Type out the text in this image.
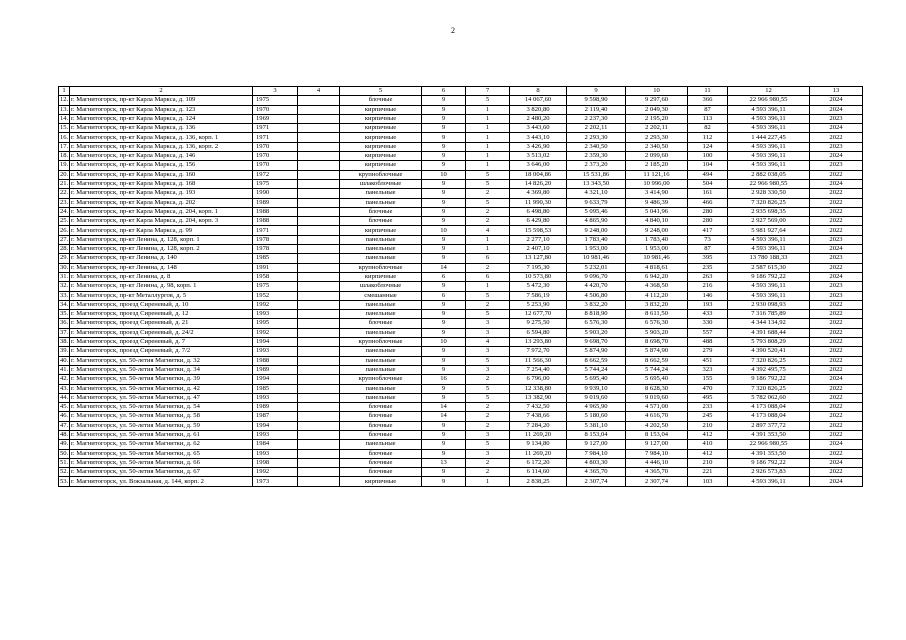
2
1	2	3	4	5	6	7	8	9	10	11	12	13
12.	г. Магнитогорск, пр-кт Карла Маркса, д. 109	1975		блочные	9	5	14 067,60	9 598,90	9 297,60	366	22 966 980,55	2024
13.	г. Магнитогорск, пр-кт Карла Маркса, д. 123	1970		кирпичные	9	1	3 820,80	2 119,40	2 049,30	87	4 593 396,11	2024
14.	г. Магнитогорск, пр-кт Карла Маркса, д. 124	1969		кирпичные	9	1	2 480,20	2 237,30	2 195,20	113	4 593 396,11	2023
15.	г. Магнитогорск, пр-кт Карла Маркса, д. 136	1971		кирпичные	9	1	3 443,60	2 202,11	2 202,11	82	4 593 396,11	2024
16.	г. Магнитогорск, пр-кт Карла Маркса, д. 136, корп. 1	1971		кирпичные	9	1	3 443,10	2 293,30	2 293,30	112	1 444 227,45	2022
17.	г. Магнитогорск, пр-кт Карла Маркса, д. 136, корп. 2	1970		кирпичные	9	1	3 426,90	2 340,50	2 340,50	124	4 593 396,11	2023
18.	г. Магнитогорск, пр-кт Карла Маркса, д. 146	1970		кирпичные	9	1	3 513,02	2 359,30	2 099,60	100	4 593 396,11	2024
19.	г. Магнитогорск, пр-кт Карла Маркса, д. 156	1970		кирпичные	9	1	3 646,00	2 373,20	2 185,20	104	4 593 396,11	2023
20.	г. Магнитогорск, пр-кт Карла Маркса, д. 160	1972		крупноблочные	10	5	18 004,86	15 531,86	11 121,16	494	2 882 038,05	2022
21.	г. Магнитогорск, пр-кт Карла Маркса, д. 168	1975		шлакоблочные	9	5	14 826,20	13 343,50	10 996,00	504	22 966 980,55	2024
22.	г. Магнитогорск, пр-кт Карла Маркса, д. 193	1990		панельные	9	2	4 369,80	4 321,10	3 414,90	161	2 928 330,50	2022
23.	г. Магнитогорск, пр-кт Карла Маркса, д. 202	1989		панельные	9	5	11 990,30	9 633,79	9 486,39	466	7 320 826,25	2022
24.	г. Магнитогорск, пр-кт Карла Маркса, д. 204, корп. 1	1988		блочные	9	2	6 498,80	5 095,46	5 041,96	280	2 935 698,35	2022
25.	г. Магнитогорск, пр-кт Карла Маркса, д. 204, корп. 3	1988		блочные	9	2	6 429,80	4 865,90	4 840,10	280	2 927 569,00	2022
26.	г. Магнитогорск, пр-кт Карла Маркса, д. 99	1971		кирпичные	10	4	15 598,53	9 248,00	9 248,00	417	5 981 927,64	2022
27.	г. Магнитогорск, пр-кт Ленина, д. 128, корп. 1	1978		панельные	9	1	2 277,10	1 783,40	1 783,40	73	4 593 396,11	2023
28.	г. Магнитогорск, пр-кт Ленина, д. 128, корп. 2	1978		панельные	9	1	2 407,10	1 953,00	1 953,00	87	4 593 396,11	2024
29.	г. Магнитогорск, пр-кт Ленина, д. 140	1985		панельные	9	6	13 127,80	10 981,46	10 981,46	395	13 780 188,33	2023
30.	г. Магнитогорск, пр-кт Ленина, д. 148	1991		крупноблочные	14	2	7 195,30	5 232,01	4 818,61	235	2 587 615,30	2022
31.	г. Магнитогорск, пр-кт Ленина, д. 8	1958		кирпичные	6	6	10 573,80	9 096,70	6 942,20	263	9 186 792,22	2024
32.	г. Магнитогорск, пр-кт Ленина, д. 98, корп. 1	1975		шлакоблочные	9	1	5 472,30	4 420,70	4 368,50	216	4 593 396,11	2023
33.	г. Магнитогорск, пр-кт Металлургов, д. 5	1952		смешанные	6	5	7 586,19	4 506,80	4 112,20	146	4 593 396,11	2023
34.	г. Магнитогорск, проезд Сиреневый, д. 10	1992		панельные	9	2	5 253,90	3 832,20	3 832,20	193	2 930 098,93	2022
35.	г. Магнитогорск, проезд Сиреневый, д. 12	1993		панельные	9	5	12 677,70	8 818,90	8 611,50	433	7 316 785,89	2022
36.	г. Магнитогорск, проезд Сиреневый, д. 21	1995		блочные	9	3	9 275,50	6 576,30	6 576,30	330	4 344 134,92	2022
37.	г. Магнитогорск, проезд Сиреневый, д. 24/2	1992		панельные	9	3	6 594,80	5 903,20	5 903,20	557	4 391 688,44	2022
38.	г. Магнитогорск, проезд Сиреневый, д. 7	1994		крупноблочные	10	4	13 293,80	9 698,70	8 698,70	488	5 793 808,29	2022
39.	г. Магнитогорск, проезд Сиреневый, д. 7/2	1993		панельные	9	3	7 972,70	5 874,90	5 874,90	279	4 390 520,41	2022
40.	г. Магнитогорск, ул. 50-летия Магнитки, д. 32	1988		панельные	9	5	11 566,30	8 662,59	8 662,59	451	7 320 826,25	2022
41.	г. Магнитогорск, ул. 50-летия Магнитки, д. 34	1989		панельные	9	3	7 254,40	5 744,24	5 744,24	323	4 392 495,75	2022
42.	г. Магнитогорск, ул. 50-летия Магнитки, д. 39	1994		крупноблочные	16	2	6 796,00	5 695,40	5 695,40	155	9 186 792,22	2024
43.	г. Магнитогорск, ул. 50-летия Магнитки, д. 42	1985		панельные	9	5	12 338,80	9 939,10	8 628,30	470	7 320 826,25	2022
44.	г. Магнитогорск, ул. 50-летия Магнитки, д. 47	1993		панельные	9	5	13 382,90	9 019,60	9 019,60	495	5 782 062,60	2022
45.	г. Магнитогорск, ул. 50-летия Магнитки, д. 54	1989		блочные	14	2	7 432,50	4 965,90	4 571,00	233	4 173 088,04	2022
46.	г. Магнитогорск, ул. 50-летия Магнитки, д. 58	1987		блочные	14	2	7 438,66	5 180,60	4 616,70	245	4 173 088,04	2022
47.	г. Магнитогорск, ул. 50-летия Магнитки, д. 59	1994		блочные	9	2	7 284,20	5 381,10	4 202,50	210	2 897 377,72	2022
48.	г. Магнитогорск, ул. 50-летия Магнитки, д. 61	1993		блочные	9	3	11 269,20	8 153,04	8 153,04	412	4 391 353,50	2022
49.	г. Магнитогорск, ул. 50-летия Магнитки, д. 62	1984		панельные	9	5	9 134,80	9 127,00	9 127,00	410	22 966 980,55	2024
50.	г. Магнитогорск, ул. 50-летия Магнитки, д. 65	1993		блочные	9	3	11 269,20	7 984,10	7 984,10	412	4 391 353,50	2022
51.	г. Магнитогорск, ул. 50-летия Магнитки, д. 66	1998		блочные	13	2	6 172,20	4 803,30	4 446,10	210	9 186 792,22	2024
52.	г. Магнитогорск, ул. 50-летия Магнитки, д. 67	1992		блочные	9	2	6 114,60	4 365,70	4 365,70	221	2 926 573,83	2022
53.	г. Магнитогорск, ул. Вокзальная, д. 144, корп. 2	1973		кирпичные	9	1	2 838,25	2 307,74	2 307,74	103	4 593 396,11	2024
